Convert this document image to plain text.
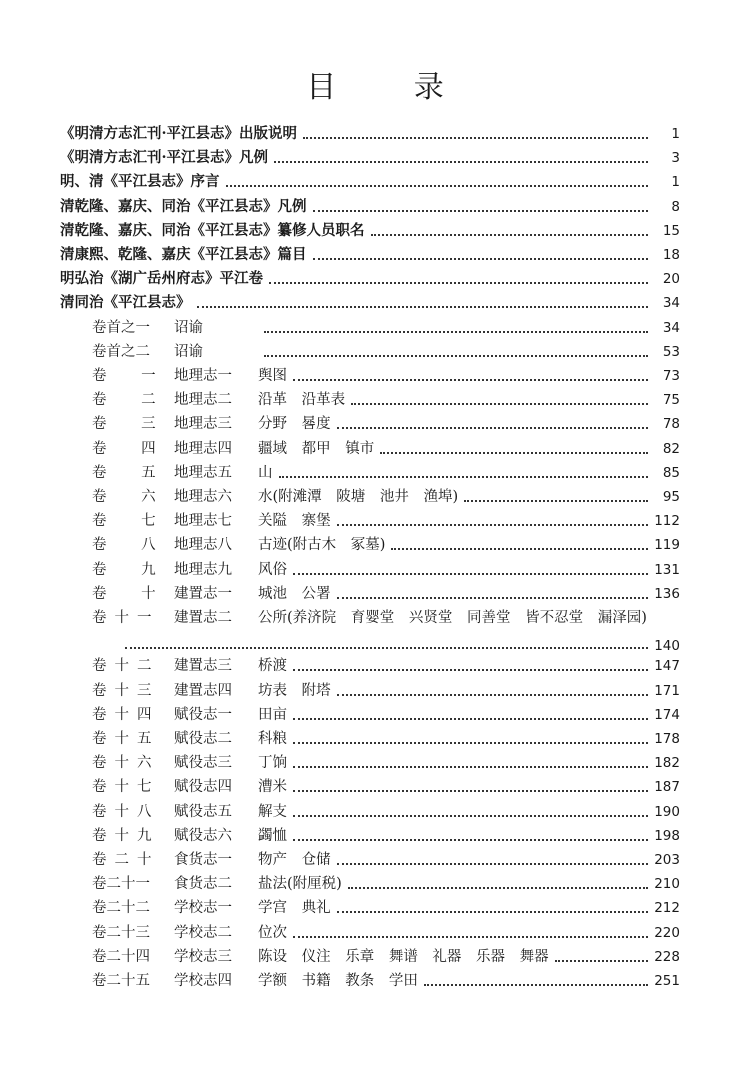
目 录
《明清方志汇刊·平江县志》出版说明	1
《明清方志汇刊·平江县志》凡例	3
明、清《平江县志》序言	1
清乾隆、嘉庆、同治《平江县志》凡例	8
清乾隆、嘉庆、同治《平江县志》纂修人员职名	15
清康熙、乾隆、嘉庆《平江县志》篇目	18
明弘治《湖广岳州府志》平江卷	20
清同治《平江县志》	34
卷首之一	诏谕	34
卷首之二	诏谕	53
卷 一	地理志一	舆图	73
卷 二	地理志二	沿革 沿革表	75
卷 三	地理志三	分野 晷度	78
卷 四	地理志四	疆域 都甲 镇市	82
卷 五	地理志五	山	85
卷 六	地理志六	水(附滩潭 陂塘 池井 渔埠)	95
卷 七	地理志七	关隘 寨堡	112
卷 八	地理志八	古迹(附古木 冢墓)	119
卷 九	地理志九	风俗	131
卷 十	建置志一	城池 公署	136
卷十一	建置志二	公所(养济院 育婴堂 兴贤堂 同善堂 皆不忍堂 漏泽园)
140
卷十二	建置志三	桥渡	147
卷十三	建置志四	坊表 附塔	171
卷十四	赋役志一	田亩	174
卷十五	赋役志二	科粮	178
卷十六	赋役志三	丁饷	182
卷十七	赋役志四	漕米	187
卷十八	赋役志五	解支	190
卷十九	赋役志六	蠲恤	198
卷二十	食货志一	物产 仓储	203
卷二十一	食货志二	盐法(附厘税)	210
卷二十二	学校志一	学宫 典礼	212
卷二十三	学校志二	位次	220
卷二十四	学校志三	陈设 仪注 乐章 舞谱 礼器 乐器 舞器	228
卷二十五	学校志四	学额 书籍 教条 学田	251
